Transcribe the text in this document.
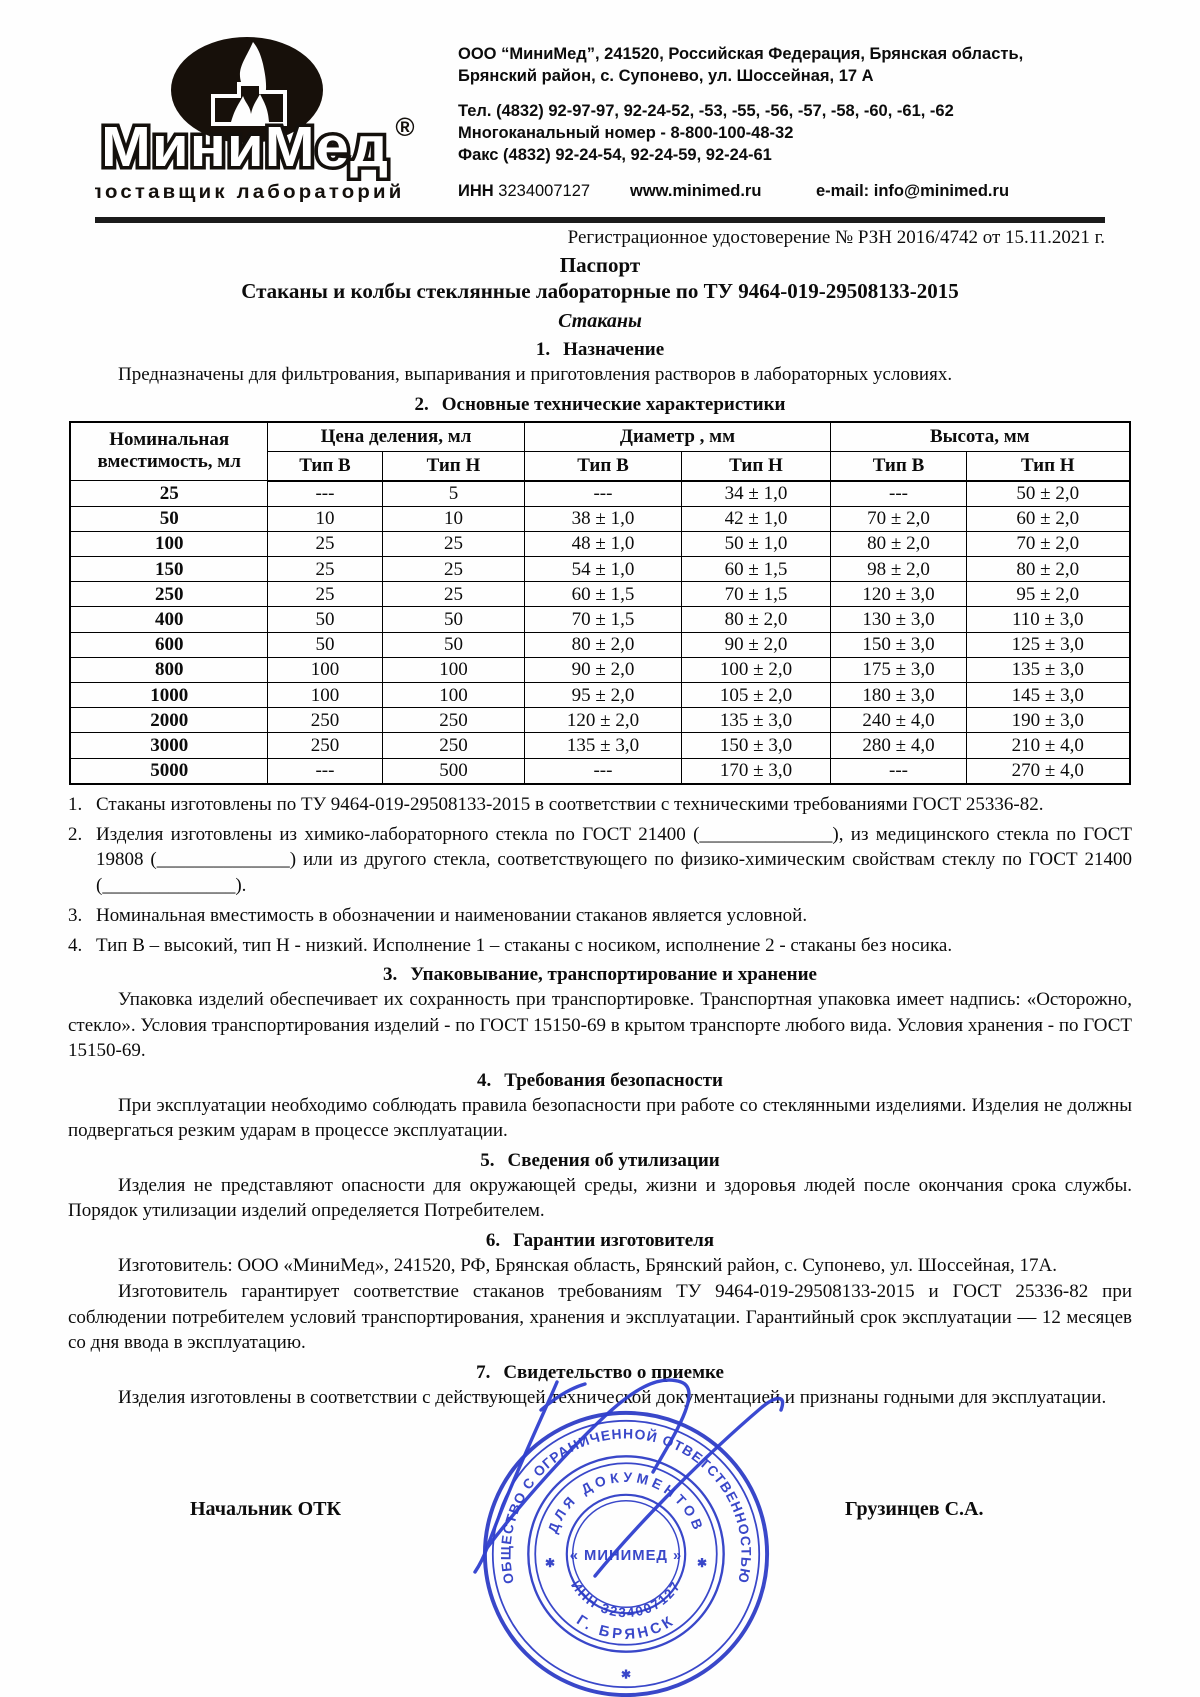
МиниМед ®
поставщик лабораторий
ООО “МиниМед”, 241520, Российская Федерация, Брянская область,
Брянский район, с. Супонево, ул. Шоссейная, 17 А
Тел. (4832) 92-97-97, 92-24-52, -53, -55, -56, -57, -58, -60, -61, -62
Многоканальный номер - 8-800-100-48-32
Факс (4832) 92-24-54, 92-24-59, 92-24-61
ИНН 3234007127	www.minimed.ru	e-mail: info@minimed.ru
Регистрационное удостоверение № РЗН 2016/4742 от 15.11.2021 г.
Паспорт
Стаканы и колбы стеклянные лабораторные по ТУ 9464-019-29508133-2015
Стаканы
1. Назначение
Предназначены для фильтрования, выпаривания и приготовления растворов в лабораторных условиях.
2. Основные технические характеристики
Номинальная вместимость, мл	Цена деления, мл		Диаметр , мм		Высота, мм	
	Тип В	Тип Н	Тип В	Тип Н	Тип В	Тип Н
25	---	5	---	34 ± 1,0	---	50 ± 2,0
50	10	10	38 ± 1,0	42 ± 1,0	70 ± 2,0	60 ± 2,0
100	25	25	48 ± 1,0	50 ± 1,0	80 ± 2,0	70 ± 2,0
150	25	25	54 ± 1,0	60 ± 1,5	98 ± 2,0	80 ± 2,0
250	25	25	60 ± 1,5	70 ± 1,5	120 ± 3,0	95 ± 2,0
400	50	50	70 ± 1,5	80 ± 2,0	130 ± 3,0	110 ± 3,0
600	50	50	80 ± 2,0	90 ± 2,0	150 ± 3,0	125 ± 3,0
800	100	100	90 ± 2,0	100 ± 2,0	175 ± 3,0	135 ± 3,0
1000	100	100	95 ± 2,0	105 ± 2,0	180 ± 3,0	145 ± 3,0
2000	250	250	120 ± 2,0	135 ± 3,0	240 ± 4,0	190 ± 3,0
3000	250	250	135 ± 3,0	150 ± 3,0	280 ± 4,0	210 ± 4,0
5000	---	500	---	170 ± 3,0	---	270 ± 4,0
1. Стаканы изготовлены по ТУ 9464-019-29508133-2015 в соответствии с техническими требованиями ГОСТ 25336-82.
2. Изделия изготовлены из химико-лабораторного стекла по ГОСТ 21400 (______________), из медицинского стекла по ГОСТ 19808 (______________) или из другого стекла, соответствующего по физико-химическим свойствам стеклу по ГОСТ 21400 (______________).
3. Номинальная вместимость в обозначении и наименовании стаканов является условной.
4. Тип В – высокий, тип Н - низкий. Исполнение 1 – стаканы с носиком, исполнение 2 - стаканы без носика.
3. Упаковывание, транспортирование и хранение
Упаковка изделий обеспечивает их сохранность при транспортировке. Транспортная упаковка имеет надпись: «Осторожно, стекло». Условия транспортирования изделий - по ГОСТ 15150-69 в крытом транспорте любого вида. Условия хранения - по ГОСТ 15150-69.
4. Требования безопасности
При эксплуатации необходимо соблюдать правила безопасности при работе со стеклянными изделиями. Изделия не должны подвергаться резким ударам в процессе эксплуатации.
5. Сведения об утилизации
Изделия не представляют опасности для окружающей среды, жизни и здоровья людей после окончания срока службы. Порядок утилизации изделий определяется Потребителем.
6. Гарантии изготовителя
Изготовитель: ООО «МиниМед», 241520, РФ, Брянская область, Брянский район, с. Супонево, ул. Шоссейная, 17А.
Изготовитель гарантирует соответствие стаканов требованиям ТУ 9464-019-29508133-2015 и ГОСТ 25336-82 при соблюдении потребителем условий транспортирования, хранения и эксплуатации. Гарантийный срок эксплуатации — 12 месяцев со дня ввода в эксплуатацию.
7. Свидетельство о приемке
Изделия изготовлены в соответствии с действующей технической документацией и признаны годными для эксплуатации.
Начальник ОТК	Грузинцев С.А.
ОБЩЕСТВО С ОГРАНИЧЕННОЙ ОТВЕТСТВЕННОСТЬЮ
ДЛЯ ДОКУМЕНТОВ
ИНН 3234007127
Г. БРЯНСК
« МИНИМЕД »
✱	✱
✱
